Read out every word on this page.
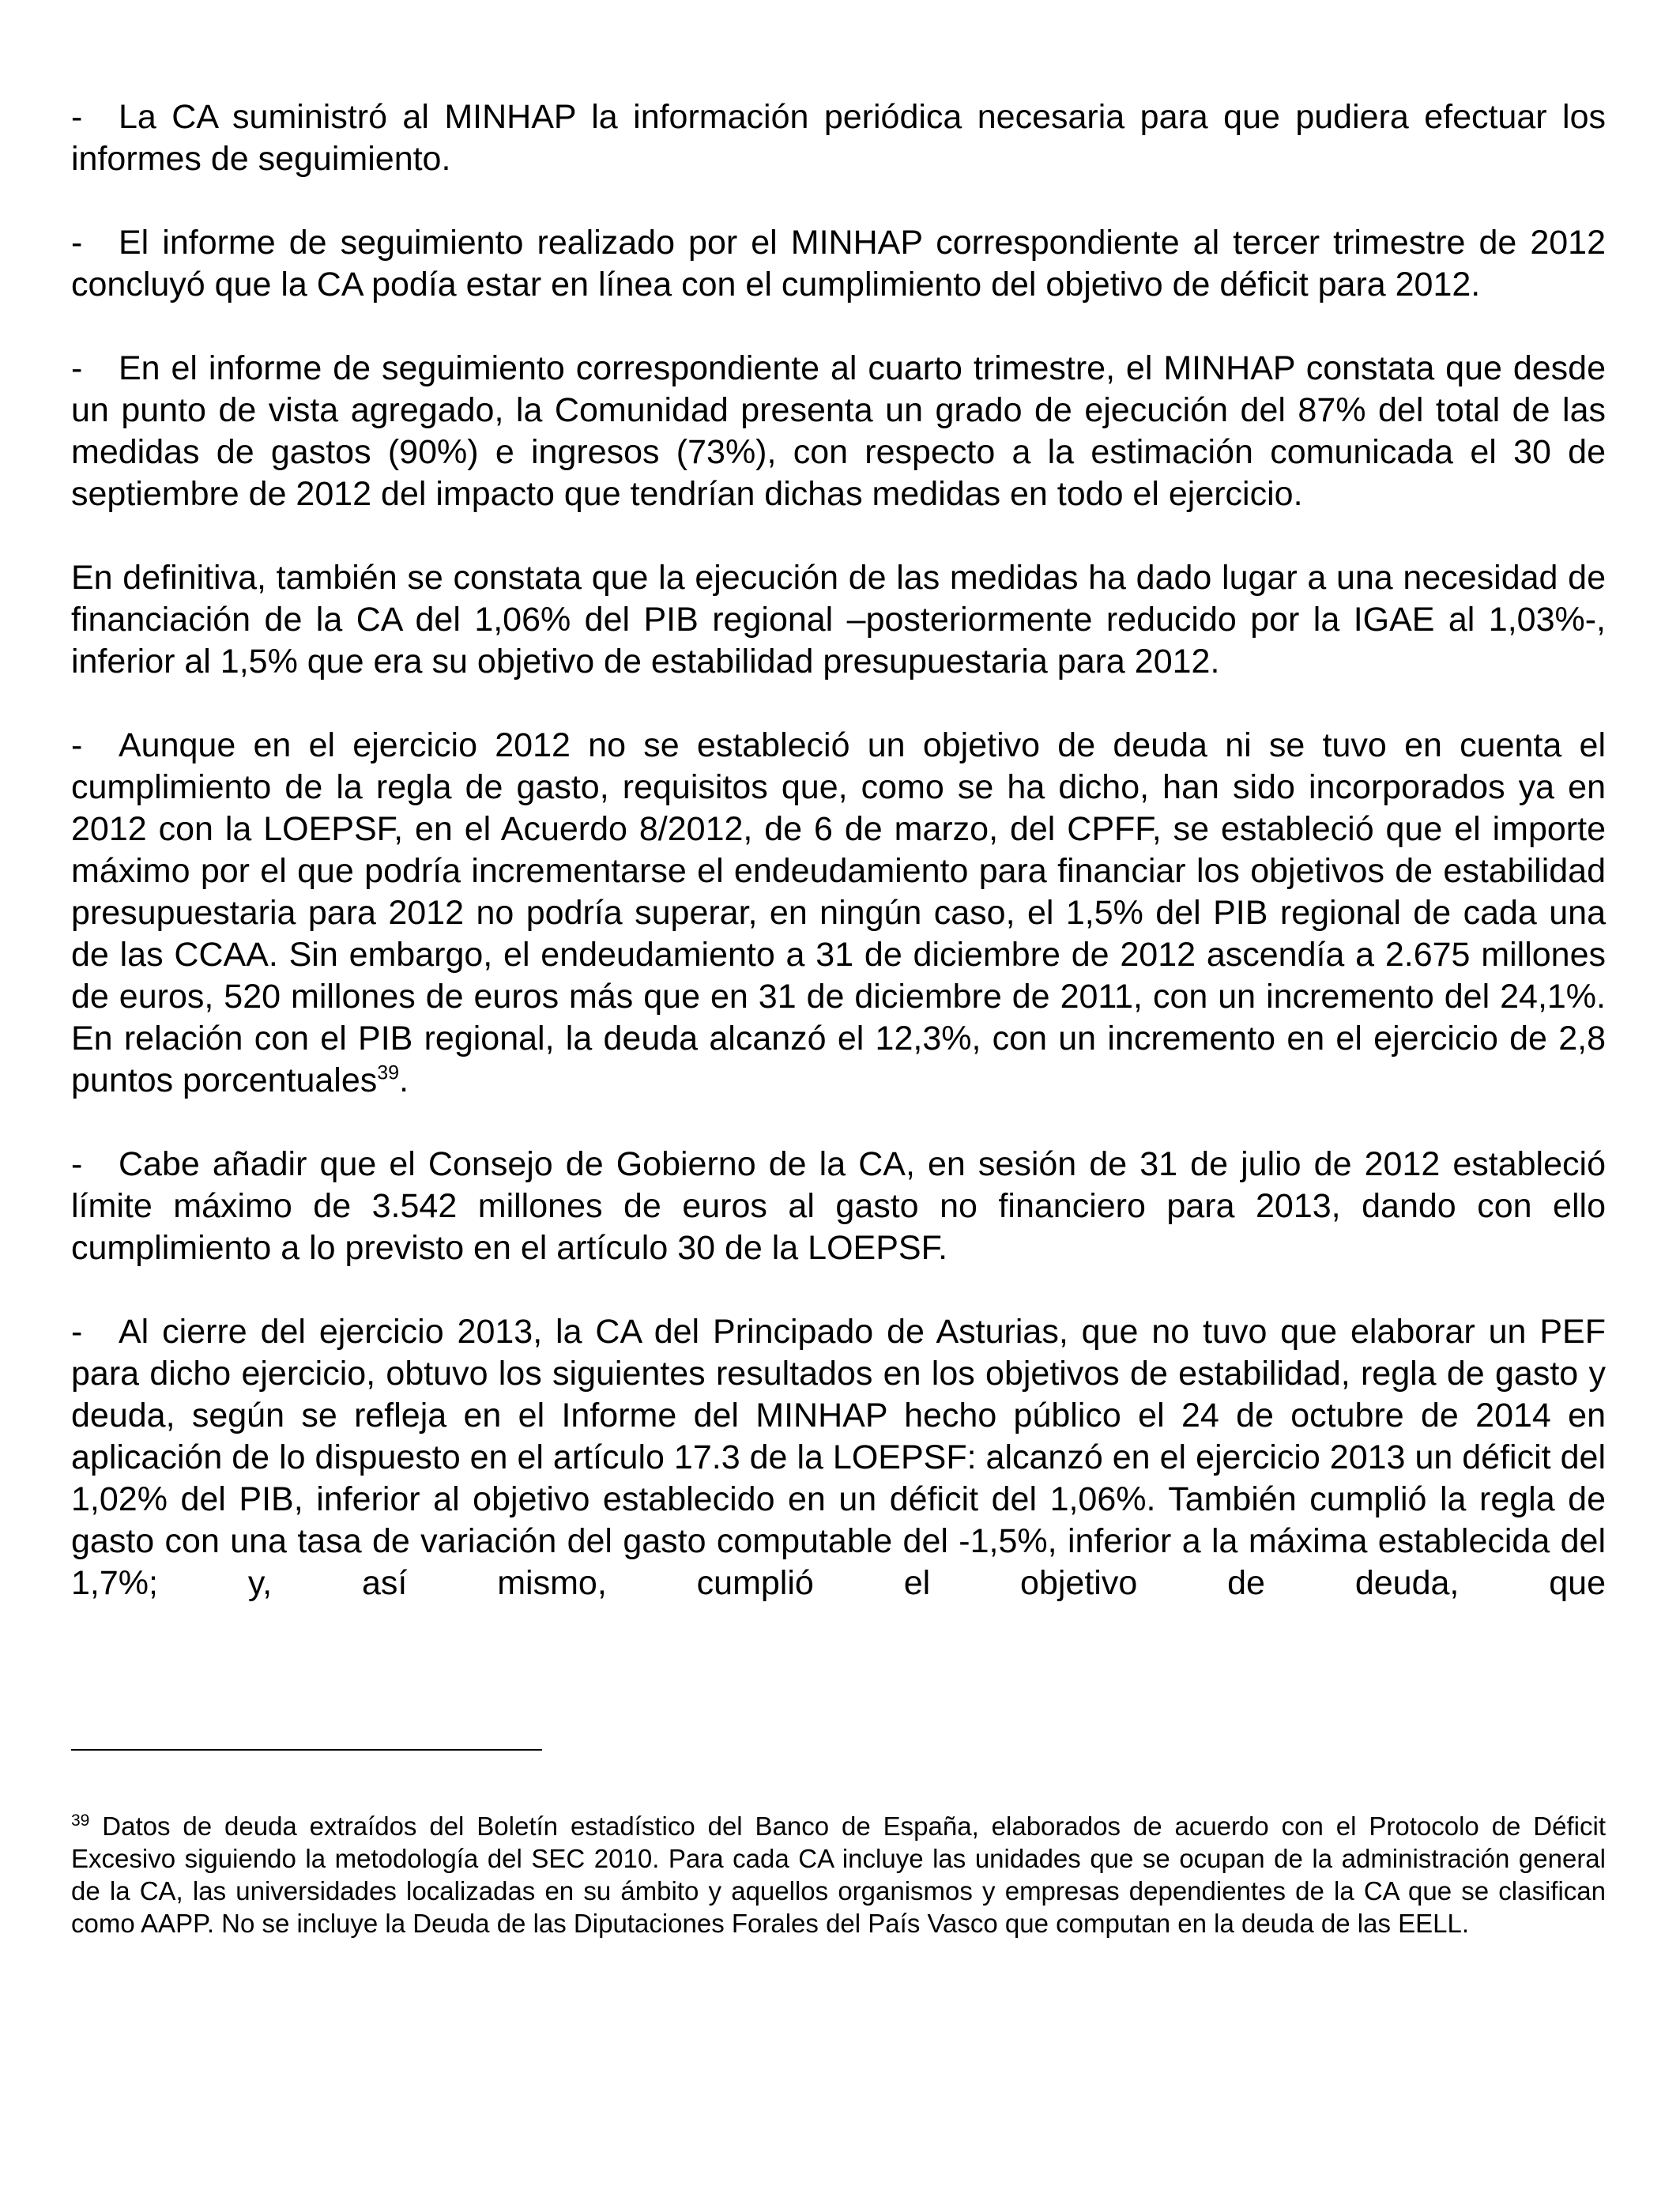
- La CA suministró al MINHAP la información periódica necesaria para que pudiera efectuar los informes de seguimiento.

- El informe de seguimiento realizado por el MINHAP correspondiente al tercer trimestre de 2012 concluyó que la CA podía estar en línea con el cumplimiento del objetivo de déficit para 2012.

- En el informe de seguimiento correspondiente al cuarto trimestre, el MINHAP constata que desde un punto de vista agregado, la Comunidad presenta un grado de ejecución del 87% del total de las medidas de gastos (90%) e ingresos (73%), con respecto a la estimación comunicada el 30 de septiembre de 2012 del impacto que tendrían dichas medidas en todo el ejercicio.

En definitiva, también se constata que la ejecución de las medidas ha dado lugar a una necesidad de financiación de la CA del 1,06% del PIB regional –posteriormente reducido por la IGAE al 1,03%-, inferior al 1,5% que era su objetivo de estabilidad presupuestaria para 2012.

- Aunque en el ejercicio 2012 no se estableció un objetivo de deuda ni se tuvo en cuenta el cumplimiento de la regla de gasto, requisitos que, como se ha dicho, han sido incorporados ya en 2012 con la LOEPSF, en el Acuerdo 8/2012, de 6 de marzo, del CPFF, se estableció que el importe máximo por el que podría incrementarse el endeudamiento para financiar los objetivos de estabilidad presupuestaria para 2012 no podría superar, en ningún caso, el 1,5% del PIB regional de cada una de las CCAA. Sin embargo, el endeudamiento a 31 de diciembre de 2012 ascendía a 2.675 millones de euros, 520 millones de euros más que en 31 de diciembre de 2011, con un incremento del 24,1%. En relación con el PIB regional, la deuda alcanzó el 12,3%, con un incremento en el ejercicio de 2,8 puntos porcentuales$^{39}$.

- Cabe añadir que el Consejo de Gobierno de la CA, en sesión de 31 de julio de 2012 estableció límite máximo de 3.542 millones de euros al gasto no financiero para 2013, dando con ello cumplimiento a lo previsto en el artículo 30 de la LOEPSF.

- Al cierre del ejercicio 2013, la CA del Principado de Asturias, que no tuvo que elaborar un PEF para dicho ejercicio, obtuvo los siguientes resultados en los objetivos de estabilidad, regla de gasto y deuda, según se refleja en el Informe del MINHAP hecho público el 24 de octubre de 2014 en aplicación de lo dispuesto en el artículo 17.3 de la LOEPSF: alcanzó en el ejercicio 2013 un déficit del 1,02% del PIB, inferior al objetivo establecido en un déficit del 1,06%. También cumplió la regla de gasto con una tasa de variación del gasto computable del -1,5%, inferior a la máxima establecida del 1,7%; y, así mismo, cumplió el objetivo de deuda, que

$^{39}$ Datos de deuda extraídos del Boletín estadístico del Banco de España, elaborados de acuerdo con el Protocolo de Déficit Excesivo siguiendo la metodología del SEC 2010. Para cada CA incluye las unidades que se ocupan de la administración general de la CA, las universidades localizadas en su ámbito y aquellos organismos y empresas dependientes de la CA que se clasifican como AAPP. No se incluye la Deuda de las Diputaciones Forales del País Vasco que computan en la deuda de las EELL.
